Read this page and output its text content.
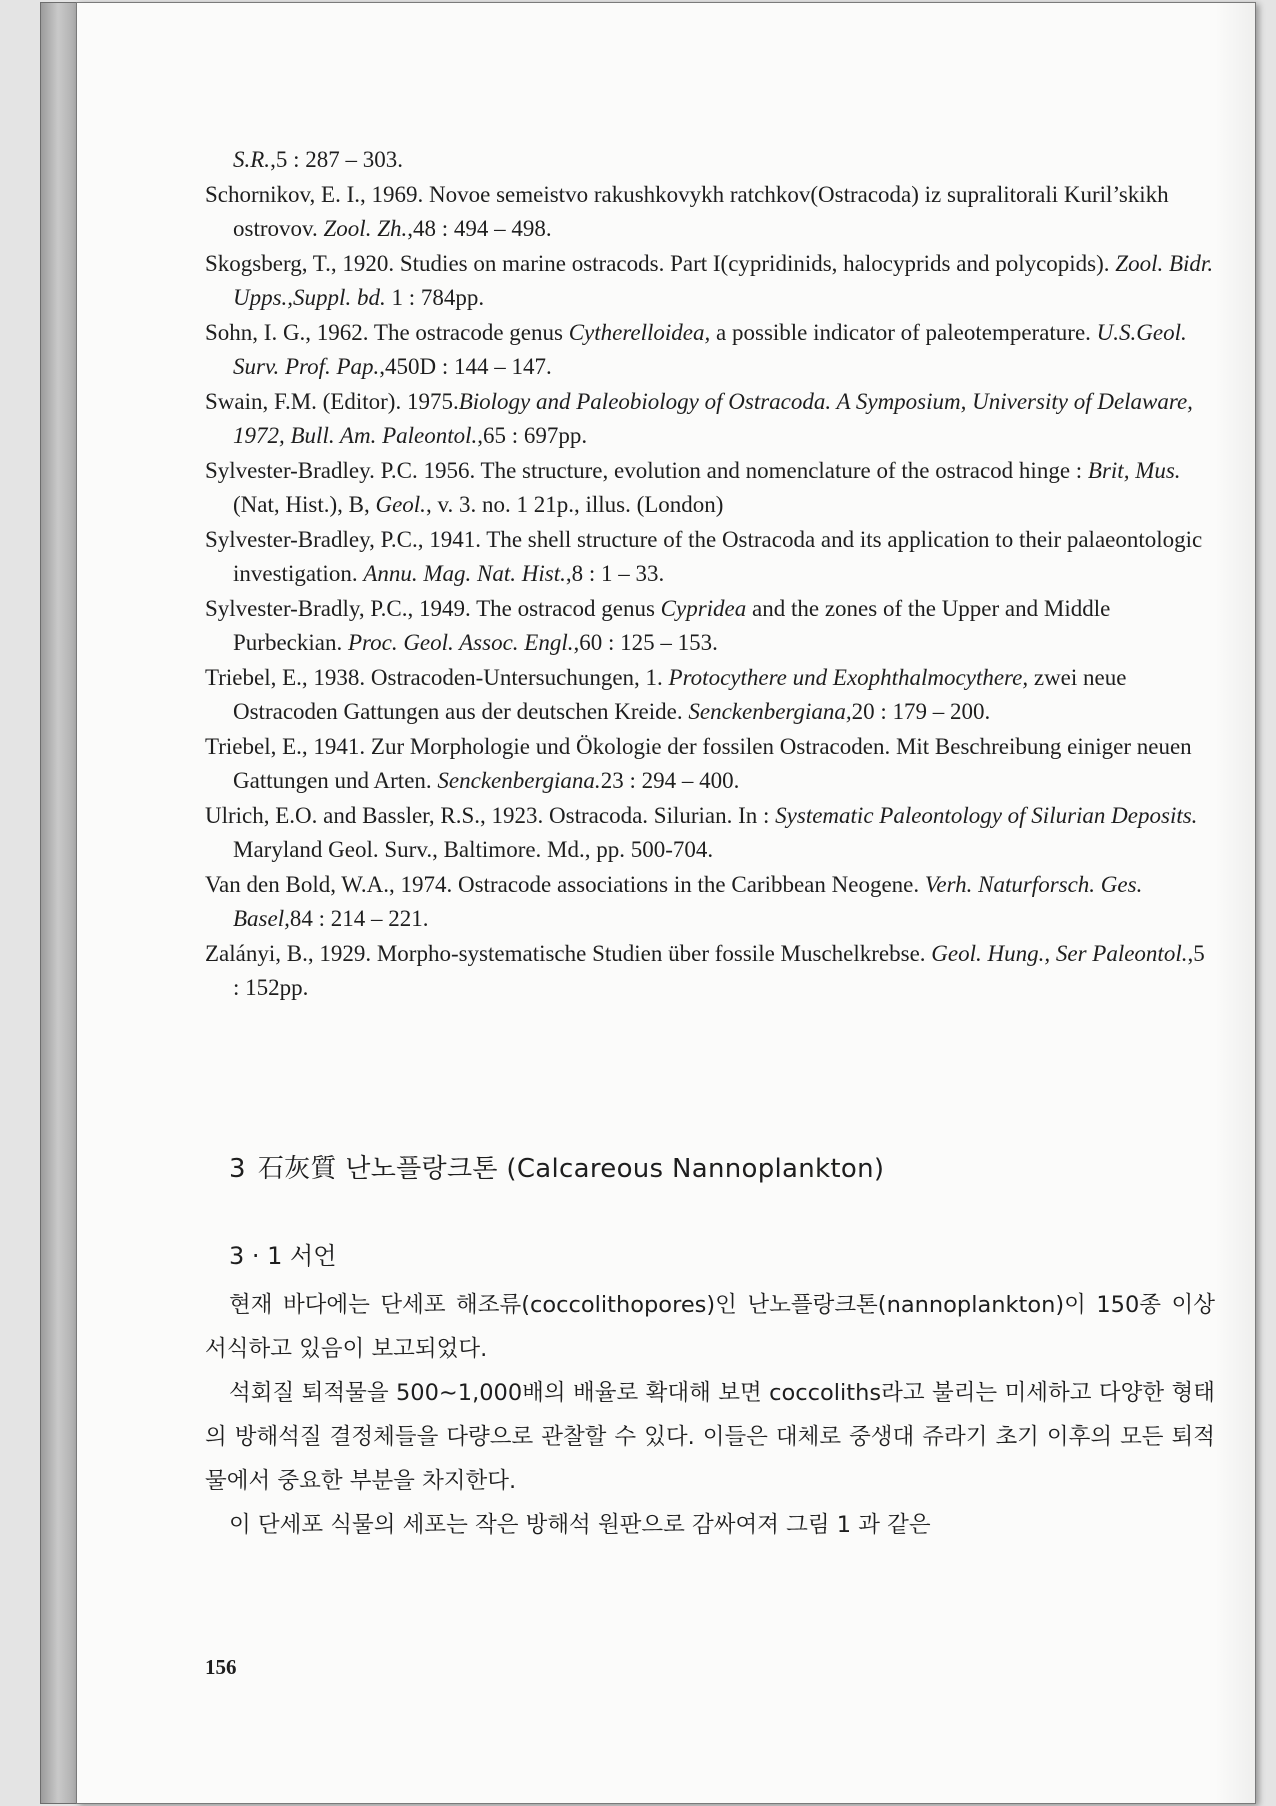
S.R.,5 : 287 – 303.

Schornikov, E. I., 1969. Novoe semeistvo rakushkovykh ratchkov(Ostracoda) iz supralitorali Kuril’skikh ostrovov. Zool. Zh.,48 : 494 – 498.

Skogsberg, T., 1920. Studies on marine ostracods. Part I(cypridinids, halocyprids and polycopids). Zool. Bidr. Upps.,Suppl. bd. 1 : 784pp.

Sohn, I. G., 1962. The ostracode genus Cytherelloidea, a possible indicator of paleotemperature. U.S.Geol. Surv. Prof. Pap.,450D : 144 – 147.

Swain, F.M. (Editor). 1975.Biology and Paleobiology of Ostracoda. A Symposium, University of Delaware, 1972, Bull. Am. Paleontol.,65 : 697pp.

Sylvester-Bradley. P.C. 1956. The structure, evolution and nomenclature of the ostracod hinge : Brit, Mus. (Nat, Hist.), B, Geol., v. 3. no. 1 21p., illus. (London)

Sylvester-Bradley, P.C., 1941. The shell structure of the Ostracoda and its application to their palaeontologic investigation. Annu. Mag. Nat. Hist.,8 : 1 – 33.

Sylvester-Bradly, P.C., 1949. The ostracod genus Cypridea and the zones of the Upper and Middle Purbeckian. Proc. Geol. Assoc. Engl.,60 : 125 – 153.

Triebel, E., 1938. Ostracoden-Untersuchungen, 1. Protocythere und Exophthalmocythere, zwei neue Ostracoden Gattungen aus der deutschen Kreide. Senckenbergiana,20 : 179 – 200.

Triebel, E., 1941. Zur Morphologie und Ökologie der fossilen Ostracoden. Mit Beschreibung einiger neuen Gattungen und Arten. Senckenbergiana.23 : 294 – 400.

Ulrich, E.O. and Bassler, R.S., 1923. Ostracoda. Silurian. In : Systematic Paleontology of Silurian Deposits. Maryland Geol. Surv., Baltimore. Md., pp. 500-704.

Van den Bold, W.A., 1974. Ostracode associations in the Caribbean Neogene. Verh. Naturforsch. Ges. Basel,84 : 214 – 221.

Zalányi, B., 1929. Morpho-systematische Studien über fossile Muschelkrebse. Geol. Hung., Ser Paleontol.,5 : 152pp.

3 石灰質 난노플랑크톤 (Calcareous Nannoplankton)
3 · 1 서언

현재 바다에는 단세포 해조류(coccolithopores)인 난노플랑크톤(nannoplankton)이 150종 이상 서식하고 있음이 보고되었다.

석회질 퇴적물을 500∼1,000배의 배율로 확대해 보면 coccoliths라고 불리는 미세하고 다양한 형태의 방해석질 결정체들을 다량으로 관찰할 수 있다. 이들은 대체로 중생대 쥬라기 초기 이후의 모든 퇴적물에서 중요한 부분을 차지한다.

이 단세포 식물의 세포는 작은 방해석 원판으로 감싸여져 그림 1 과 같은

156
